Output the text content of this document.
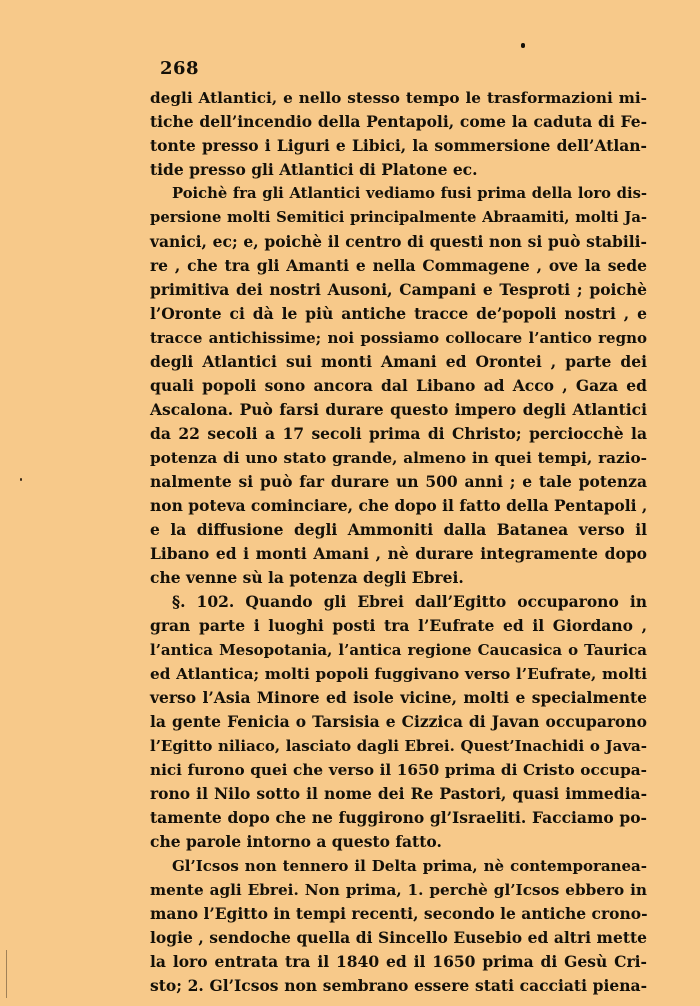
268
degli Atlantici, e nello stesso tempo le trasformazioni mi-
tiche dell’incendio della Pentapoli, come la caduta di Fe-
tonte presso i Liguri e Libici, la sommersione dell’Atlan-
tide presso gli Atlantici di Platone ec.
Poichè fra gli Atlantici vediamo fusi prima della loro dis-
persione molti Semitici principalmente Abraamiti, molti Ja-
vanici, ec; e, poichè il centro di questi non si può stabili-
re , che tra gli Amanti e nella Commagene , ove la sede
primitiva dei nostri Ausoni, Campani e Tesproti ; poichè
l’Oronte ci dà le più antiche tracce de’popoli nostri , e
tracce antichissime; noi possiamo collocare l’antico regno
degli Atlantici sui monti Amani ed Orontei , parte dei
quali popoli sono ancora dal Libano ad Acco , Gaza ed
Ascalona. Può farsi durare questo impero degli Atlantici
da 22 secoli a 17 secoli prima di Christo; perciocchè la
potenza di uno stato grande, almeno in quei tempi, razio-
nalmente si può far durare un 500 anni ; e tale potenza
non poteva cominciare, che dopo il fatto della Pentapoli ,
e la diffusione degli Ammoniti dalla Batanea verso il
Libano ed i monti Amani , nè durare integramente dopo
che venne sù la potenza degli Ebrei.
§. 102. Quando gli Ebrei dall’Egitto occuparono in
gran parte i luoghi posti tra l’Eufrate ed il Giordano ,
l’antica Mesopotania, l’antica regione Caucasica o Taurica
ed Atlantica; molti popoli fuggivano verso l’Eufrate, molti
verso l’Asia Minore ed isole vicine, molti e specialmente
la gente Fenicia o Tarsisia e Cizzica di Javan occuparono
l’Egitto niliaco, lasciato dagli Ebrei. Quest’Inachidi o Java-
nici furono quei che verso il 1650 prima di Cristo occupa-
rono il Nilo sotto il nome dei Re Pastori, quasi immedia-
tamente dopo che ne fuggirono gl’Israeliti. Facciamo po-
che parole intorno a questo fatto.
Gl’Icsos non tennero il Delta prima, nè contemporanea-
mente agli Ebrei. Non prima, 1. perchè gl’Icsos ebbero in
mano l’Egitto in tempi recenti, secondo le antiche crono-
logie , sendoche quella di Sincello Eusebio ed altri mette
la loro entrata tra il 1840 ed il 1650 prima di Gesù Cri-
sto; 2. Gl’Icsos non sembrano essere stati cacciati piena-
